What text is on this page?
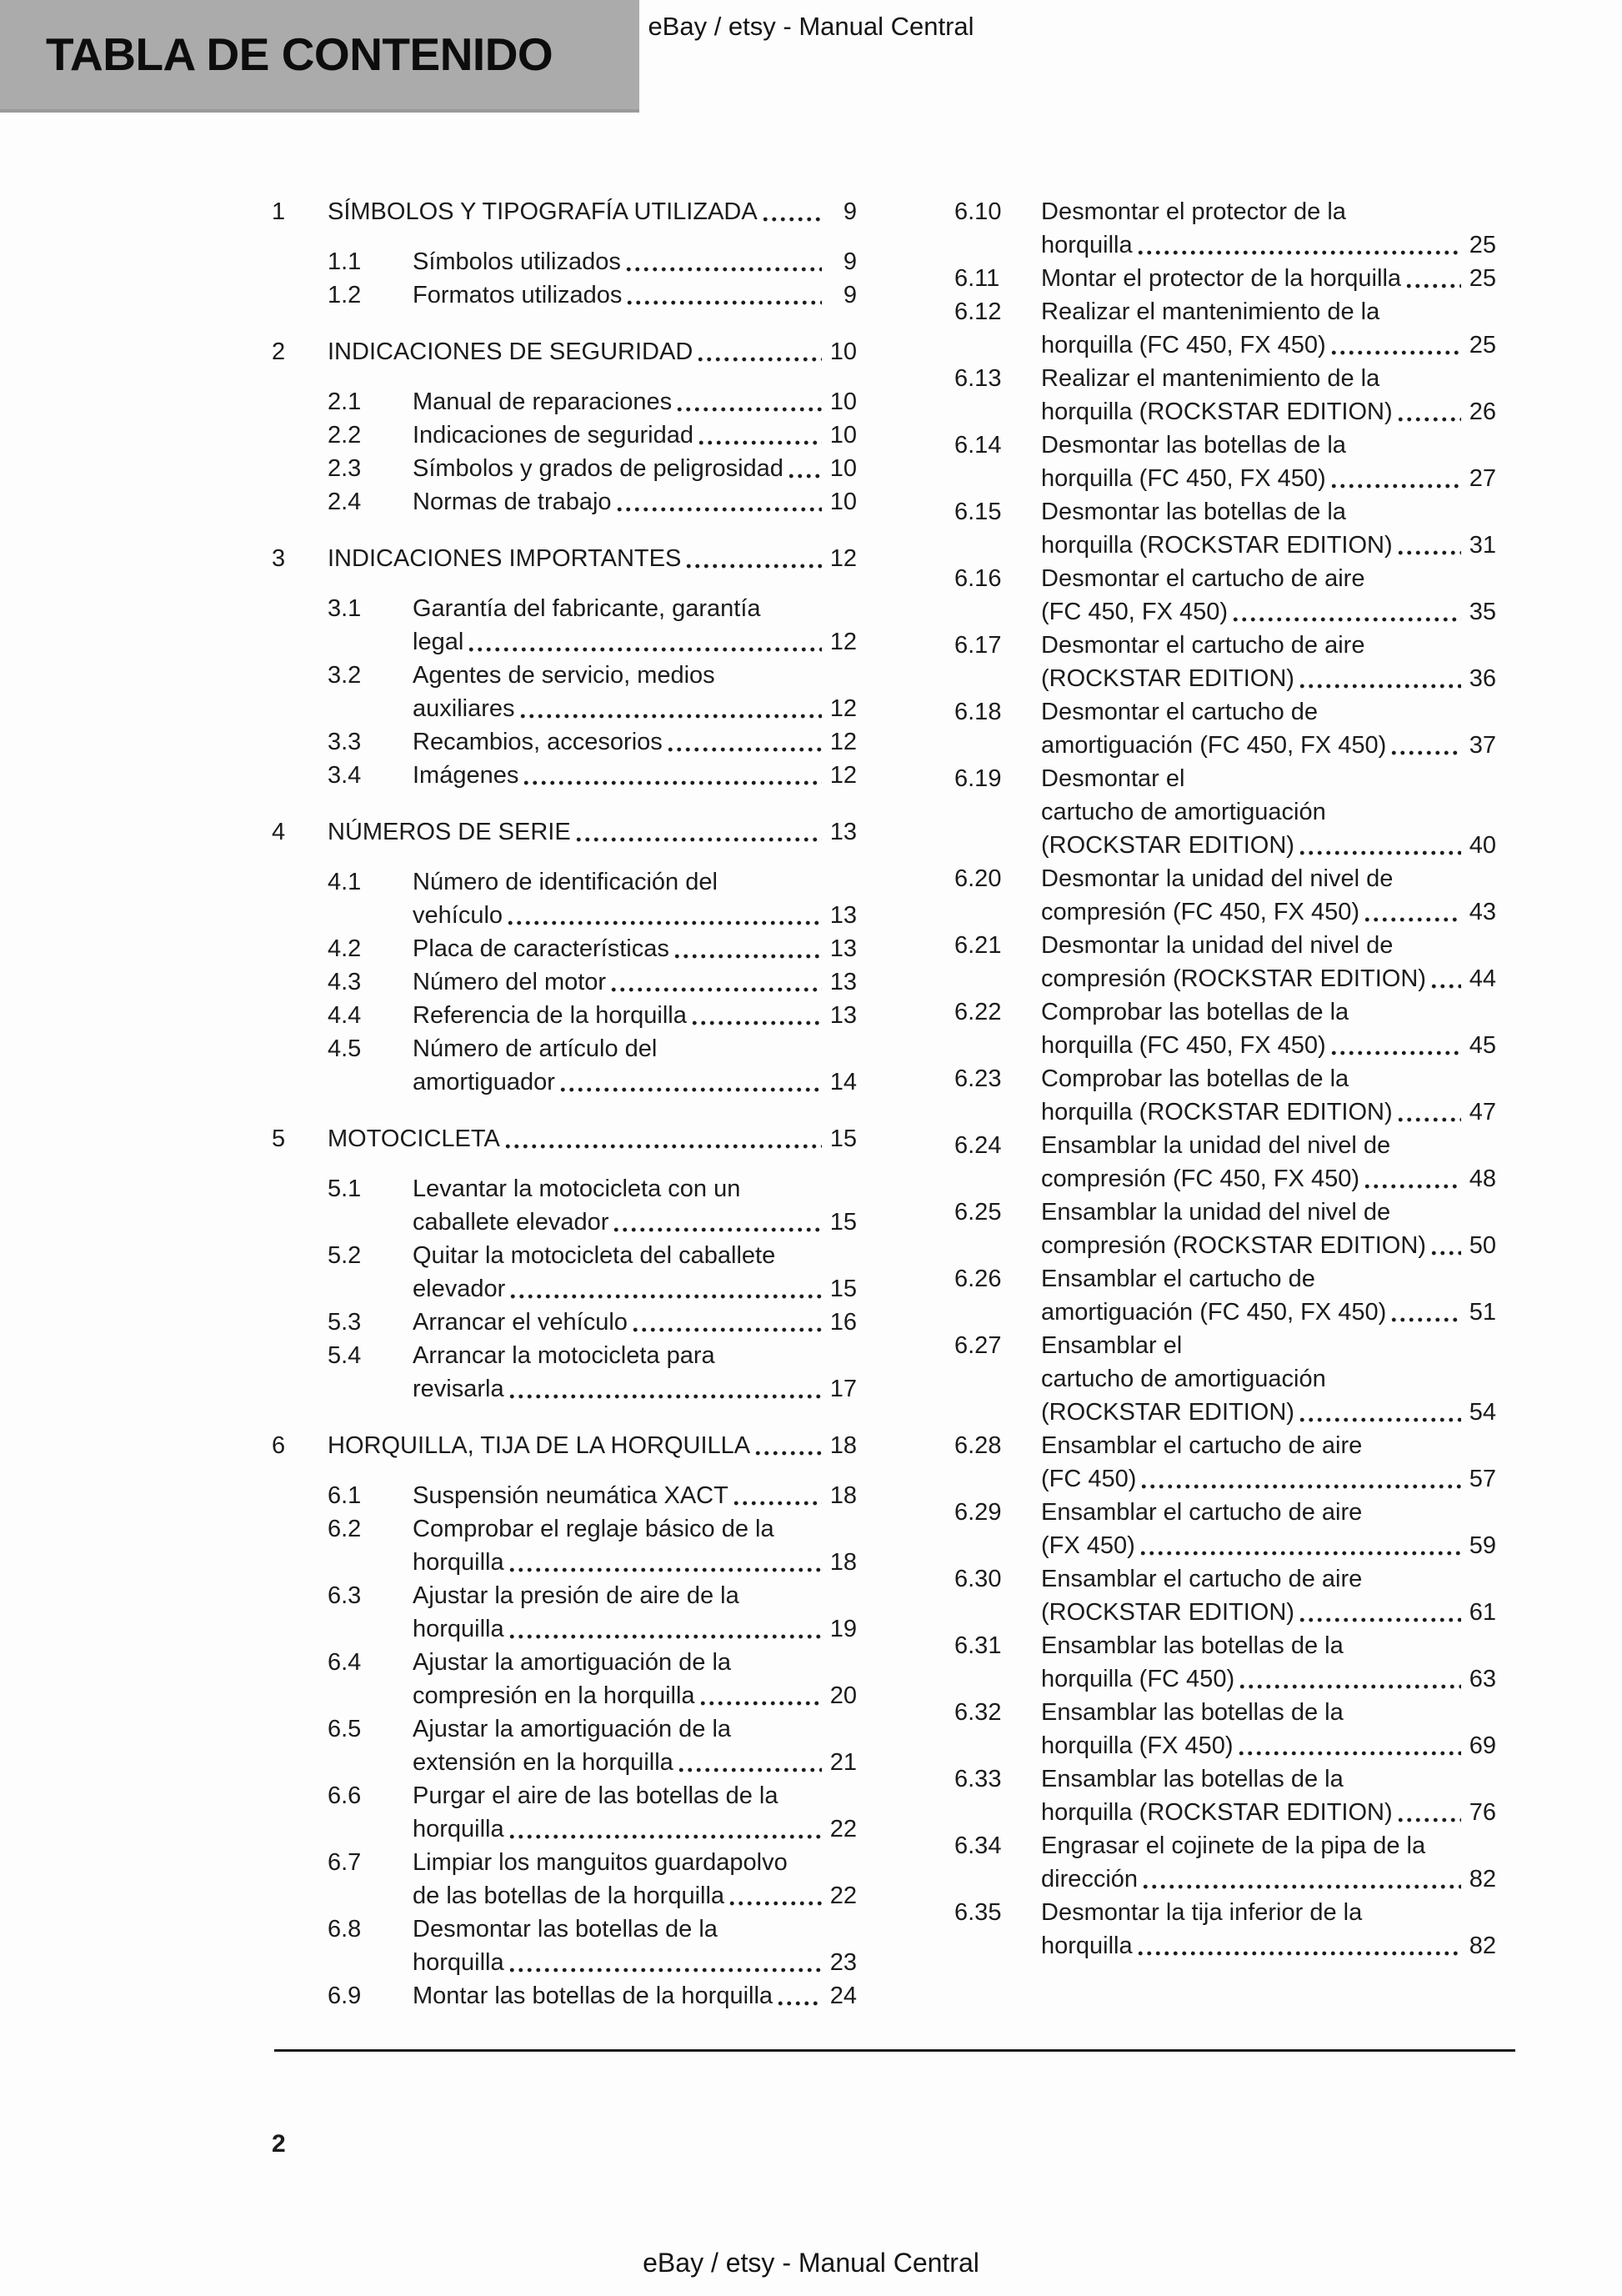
TABLA DE CONTENIDO
eBay / etsy - Manual Central
1	SÍMBOLOS Y TIPOGRAFÍA UTILIZADA	9
1.1	Símbolos utilizados	9
1.2	Formatos utilizados	9
2	INDICACIONES DE SEGURIDAD	10
2.1	Manual de reparaciones	10
2.2	Indicaciones de seguridad	10
2.3	Símbolos y grados de peligrosidad 10
2.4	Normas de trabajo	10
3	INDICACIONES IMPORTANTES	12
3.1	Garantía del fabricante, garantía
legal	12
3.2	Agentes de servicio, medios
auxiliares	12
3.3	Recambios, accesorios	12
3.4	Imágenes	12
4	NÚMEROS DE SERIE	13
4.1	Número de identificación del
vehículo	13
4.2	Placa de características	13
4.3	Número del motor	13
4.4	Referencia de la horquilla	13
4.5	Número de artículo del
amortiguador	14
5	MOTOCICLETA	15
5.1	Levantar la motocicleta con un
caballete elevador	15
5.2	Quitar la motocicleta del caballete
elevador	15
5.3	Arrancar el vehículo	16
5.4	Arrancar la motocicleta para
revisarla	17
6	HORQUILLA, TIJA DE LA HORQUILLA	18
6.1	Suspensión neumática XACT	18
6.2	Comprobar el reglaje básico de la
horquilla	18
6.3	Ajustar la presión de aire de la
horquilla	19
6.4	Ajustar la amortiguación de la
compresión en la horquilla	20
6.5	Ajustar la amortiguación de la
extensión en la horquilla	21
6.6	Purgar el aire de las botellas de la
horquilla	22
6.7	Limpiar los manguitos guardapolvo
de las botellas de la horquilla	22
6.8	Desmontar las botellas de la
horquilla	23
6.9	Montar las botellas de la horquilla 24
6.10	Desmontar el protector de la
horquilla	25
6.11	Montar el protector de la horquilla	25
6.12	Realizar el mantenimiento de la
horquilla (FC 450, FX 450)	25
6.13	Realizar el mantenimiento de la
horquilla (ROCKSTAR EDITION)	26
6.14	Desmontar las botellas de la
horquilla (FC 450, FX 450)	27
6.15	Desmontar las botellas de la
horquilla (ROCKSTAR EDITION)	31
6.16	Desmontar el cartucho de aire
(FC 450, FX 450)	35
6.17	Desmontar el cartucho de aire
(ROCKSTAR EDITION)	36
6.18	Desmontar el cartucho de
amortiguación (FC 450, FX 450)	37
6.19	Desmontar el
cartucho de amortiguación
(ROCKSTAR EDITION)	40
6.20	Desmontar la unidad del nivel de
compresión (FC 450, FX 450)	43
6.21	Desmontar la unidad del nivel de
compresión (ROCKSTAR EDITION) 44
6.22	Comprobar las botellas de la
horquilla (FC 450, FX 450)	45
6.23	Comprobar las botellas de la
horquilla (ROCKSTAR EDITION)	47
6.24	Ensamblar la unidad del nivel de
compresión (FC 450, FX 450)	48
6.25	Ensamblar la unidad del nivel de
compresión (ROCKSTAR EDITION) 50
6.26	Ensamblar el cartucho de
amortiguación (FC 450, FX 450)	51
6.27	Ensamblar el
cartucho de amortiguación
(ROCKSTAR EDITION)	54
6.28	Ensamblar el cartucho de aire
(FC 450)	57
6.29	Ensamblar el cartucho de aire
(FX 450)	59
6.30	Ensamblar el cartucho de aire
(ROCKSTAR EDITION)	61
6.31	Ensamblar las botellas de la
horquilla (FC 450)	63
6.32	Ensamblar las botellas de la
horquilla (FX 450)	69
6.33	Ensamblar las botellas de la
horquilla (ROCKSTAR EDITION)	76
6.34	Engrasar el cojinete de la pipa de la
dirección	82
6.35	Desmontar la tija inferior de la
horquilla	82
2
eBay / etsy - Manual Central
